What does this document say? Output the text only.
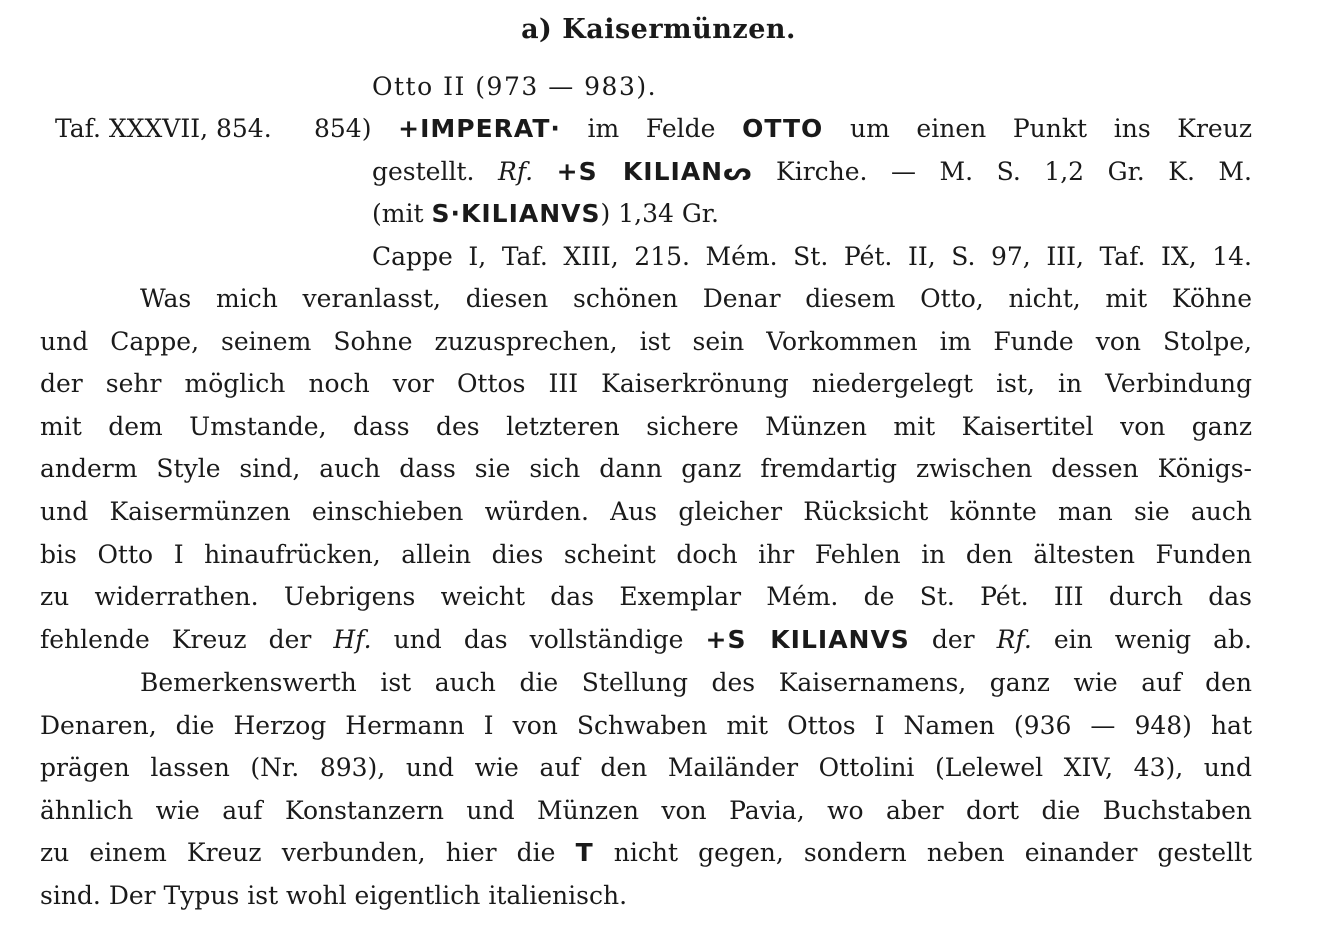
a) Kaisermünzen.
Otto II (973 — 983).
Taf. XXXVII, 854. 854) +IMPERAT· im Felde OTTO um einen Punkt ins Kreuz
gestellt. Rf. +S KILIANᔕ Kirche. — M. S. 1,2 Gr. K. M.
(mit S·KILIANVS) 1,34 Gr.
Cappe I, Taf. XIII, 215. Mém. St. Pét. II, S. 97, III, Taf. IX, 14.
Was mich veranlasst, diesen schönen Denar diesem Otto, nicht, mit Köhne
und Cappe, seinem Sohne zuzusprechen, ist sein Vorkommen im Funde von Stolpe,
der sehr möglich noch vor Ottos III Kaiserkrönung niedergelegt ist, in Verbindung
mit dem Umstande, dass des letzteren sichere Münzen mit Kaisertitel von ganz
anderm Style sind, auch dass sie sich dann ganz fremdartig zwischen dessen Königs-
und Kaisermünzen einschieben würden. Aus gleicher Rücksicht könnte man sie auch
bis Otto I hinaufrücken, allein dies scheint doch ihr Fehlen in den ältesten Funden
zu widerrathen. Uebrigens weicht das Exemplar Mém. de St. Pét. III durch das
fehlende Kreuz der Hf. und das vollständige +S KILIANVS der Rf. ein wenig ab.
Bemerkenswerth ist auch die Stellung des Kaisernamens, ganz wie auf den
Denaren, die Herzog Hermann I von Schwaben mit Ottos I Namen (936 — 948) hat
prägen lassen (Nr. 893), und wie auf den Mailänder Ottolini (Lelewel XIV, 43), und
ähnlich wie auf Konstanzern und Münzen von Pavia, wo aber dort die Buchstaben
zu einem Kreuz verbunden, hier die T nicht gegen, sondern neben einander gestellt
sind. Der Typus ist wohl eigentlich italienisch.
